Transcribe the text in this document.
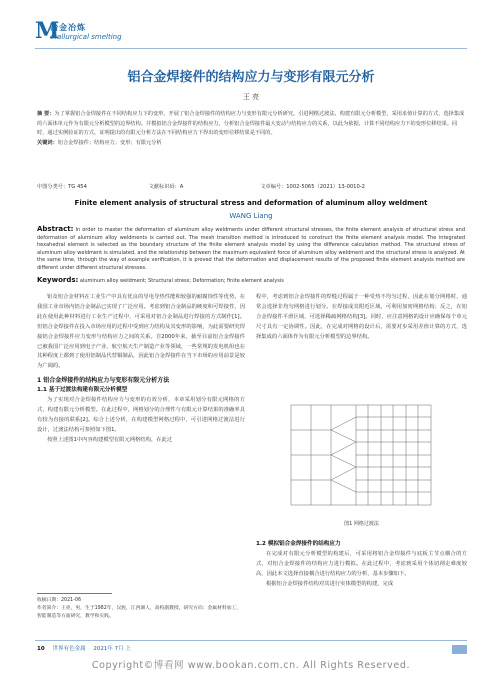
M
冶金冶炼
etallurgical smelting
铝合金焊接件的结构应力与变形有限元分析
王 亮
摘 要：为了掌握铝合金焊接件在不同结构应力下的变形，开展了铝合金焊接件的结构应力与变形有限元分析研究。引进网格过渡法，构建有限元分析模型，采用求值计算的方式，选择集成的六面体单元作为有限元分析模型的边界结构。并模拟铝合金焊接件的结构应力，分析铝合金焊接件最大变动与结构应力的关系，以此为依据，计算不同结构应力下的变形位移结果。同时，通过实例验证的方式，证明提出的有限元分析方法在不同结构应力下得出的变形位移结果是不同的。
关键词：铝合金焊接件；结构应力；变形；有限元分析
中图分类号：TG 454	文献标识码：A	文章编号：1002-5065（2021）13-0010-2
Finite element analysis of structural stress and deformation of aluminum alloy weldment
WANG Liang
Abstract: In order to master the deformation of aluminum alloy weldments under different structural stresses, the finite element analysis of structural stress and deformation of aluminum alloy weldments is carried out. The mesh transition method is introduced to construct the finite element analysis model. The integrated hexahedral element is selected as the boundary structure of the finite element analysis model by using the difference calculation method. The structural stress of aluminum alloy weldment is simulated, and the relationship between the maximum equivalent force of aluminum alloy weldment and the structural stress is analyzed. At the same time, through the way of example verification, it is proved that the deformation and displacement results of the proposed finite element analysis method are different under different structural stresses.
Keywords: aluminum alloy weldment; Structural stress; Deformation; finite element analysis

铝及铝合金材料在工业生产中具有优良的导电导热性能和较强的耐腐蚀性等优势。在我国工业市场内铝合金制品已实现了广泛应用。考虑到铝合金制品的硬度和可焊接性，因此在使用此种材料进行工业生产过程中，可采用对铝合金制品进行焊接的方式制作[1]。但铝合金焊接件在投入市场应用的过程中受到应力结构及其变形的影响，为此需要研究焊接铝合金焊接件应力变形与结构应力之间的关系。自2000年来，截至目前铝合金焊接件已被我国广泛应用到电子产业、航空航天生产制造产业等领域，一些常规的发电机组也在其种程度上都到了使用铝制品代替铜制品，因此铝合金焊接件在当下市场的应用前景是较为广阔的。

1 铝合金焊接件的结构应力与变形有限元分析方法
1.1 基于过渡法构建有限元分析模型

为了实现对合金焊接件结构应力与变形的有效分析，本章采用划分有限元网格的方式，构建有限元分析模型。在此过程中，网格划分的合理性与有限元计算结果的准确率具有较为直接的联系[2]。综合上述分析，在构建模型网格过程中，可引进网格过渡法进行设计，过渡法结构可参照如下图1。

按照上述图1中内容构建模型有限元网格结构，在此过

程中，考虑到铝合金焊接件的焊缝过程属于一种受热不均匀过程，因此在划分网格时，通常会选择非均匀网格进行划分。在焊接成其附近区域，可利用加密网格结构；反之，在铝合金焊接件平滑区域，可选择稀疏网格结构[3]。同时，应注意网格的设计应确保每个单元尺寸具有一定协调性。因此，在完成对网格的设计后，需要对步采用差值计算的方式，选择集成的六面体作为有限元分析模型的边界结构。

图1 网格过渡法
1.2 模拟铝合金焊接件的结构应力

在完成对有限元分析模型的构建后，可采用将铝合金焊接件与底板主节点耦合的方式，对铝合金焊接件的结构应力进行模拟。在此过程中，考虑到采用个体切削走难度较高，因此本文选择直接耦合进行结构应力的分析，基本步骤如下。

根据铝合金焊接件结构对其进行实体模型的构建，完成

收稿日期：2021-06
作者简介：王亮，男，生于1982年，汉族，江西湖人，高校副教授，研究方向：金属材料加工，智能制造等方面研究，教学和实践。
10 世界有色金属 2021年 7月 上
Copyright©博看网 www.bookan.com.cn. All Rights Reserved.
